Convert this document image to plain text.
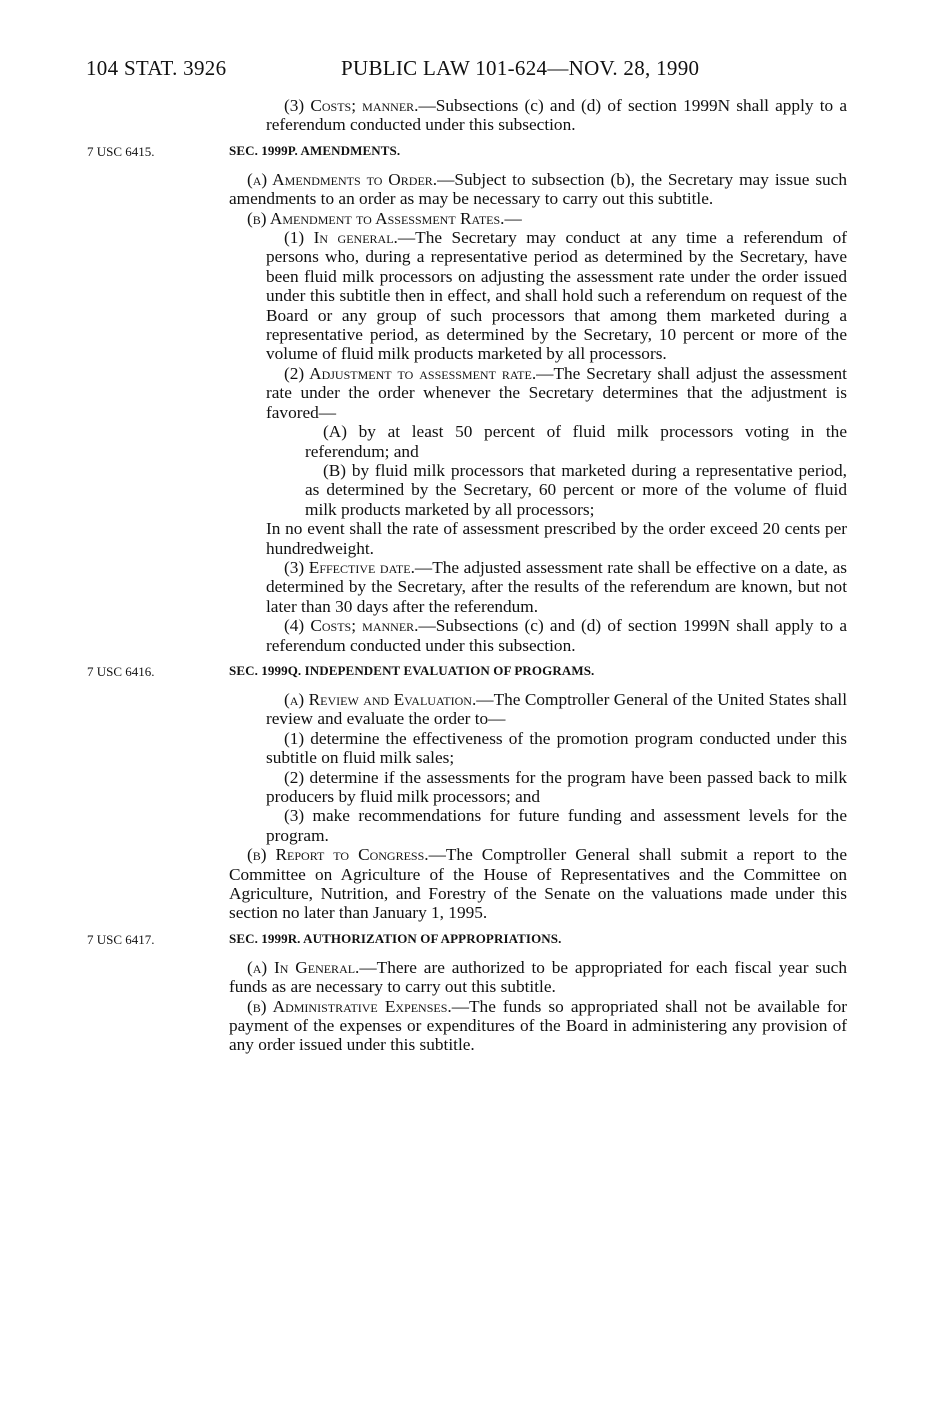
104 STAT. 3926	PUBLIC LAW 101-624—NOV. 28, 1990

(3) Costs; manner.—Subsections (c) and (d) of section 1999N shall apply to a referendum conducted under this subsection.

7 USC 6415.	SEC. 1999P. AMENDMENTS.

(a) Amendments to Order.—Subject to subsection (b), the Secretary may issue such amendments to an order as may be necessary to carry out this subtitle.

(b) Amendment to Assessment Rates.—

(1) In general.—The Secretary may conduct at any time a referendum of persons who, during a representative period as determined by the Secretary, have been fluid milk processors on adjusting the assessment rate under the order issued under this subtitle then in effect, and shall hold such a referendum on request of the Board or any group of such processors that among them marketed during a representative period, as determined by the Secretary, 10 percent or more of the volume of fluid milk products marketed by all processors.

(2) Adjustment to assessment rate.—The Secretary shall adjust the assessment rate under the order whenever the Secretary determines that the adjustment is favored—

(A) by at least 50 percent of fluid milk processors voting in the referendum; and

(B) by fluid milk processors that marketed during a representative period, as determined by the Secretary, 60 percent or more of the volume of fluid milk products marketed by all processors;

In no event shall the rate of assessment prescribed by the order exceed 20 cents per hundredweight.

(3) Effective date.—The adjusted assessment rate shall be effective on a date, as determined by the Secretary, after the results of the referendum are known, but not later than 30 days after the referendum.

(4) Costs; manner.—Subsections (c) and (d) of section 1999N shall apply to a referendum conducted under this subsection.

7 USC 6416.	SEC. 1999Q. INDEPENDENT EVALUATION OF PROGRAMS.

(a) Review and Evaluation.—The Comptroller General of the United States shall review and evaluate the order to—

(1) determine the effectiveness of the promotion program conducted under this subtitle on fluid milk sales;

(2) determine if the assessments for the program have been passed back to milk producers by fluid milk processors; and

(3) make recommendations for future funding and assessment levels for the program.

(b) Report to Congress.—The Comptroller General shall submit a report to the Committee on Agriculture of the House of Representatives and the Committee on Agriculture, Nutrition, and Forestry of the Senate on the valuations made under this section no later than January 1, 1995.

7 USC 6417.	SEC. 1999R. AUTHORIZATION OF APPROPRIATIONS.

(a) In General.—There are authorized to be appropriated for each fiscal year such funds as are necessary to carry out this subtitle.

(b) Administrative Expenses.—The funds so appropriated shall not be available for payment of the expenses or expenditures of the Board in administering any provision of any order issued under this subtitle.
